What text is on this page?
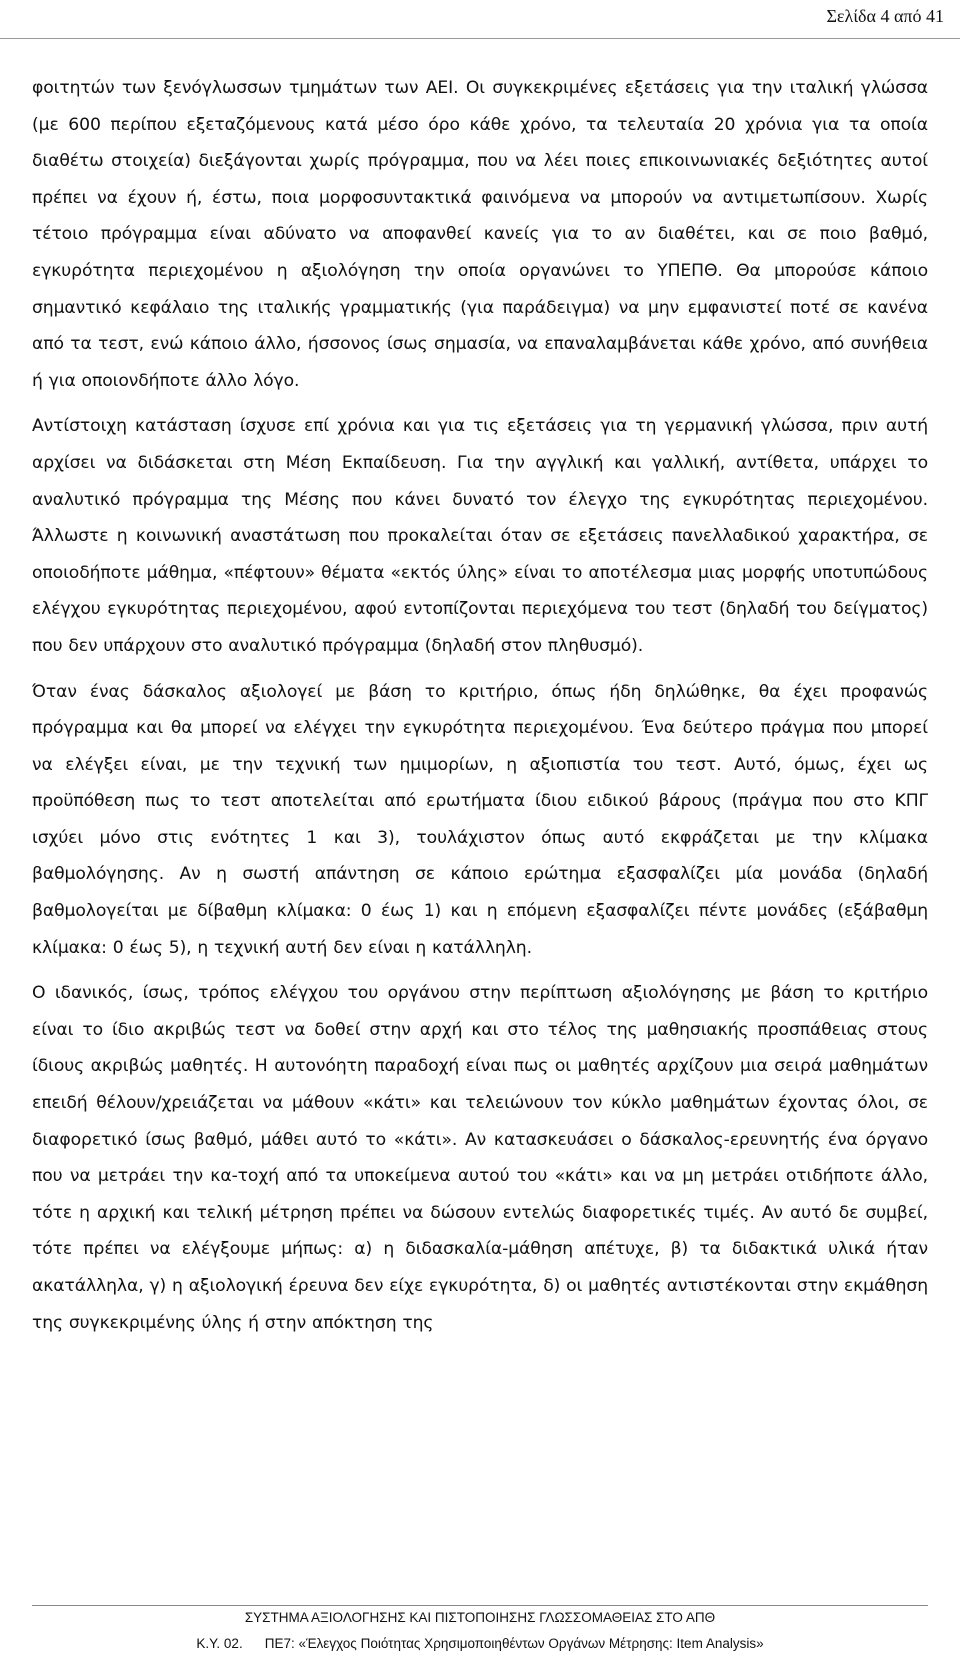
Σελίδα 4 από 41

φοιτητών των ξενόγλωσσων τμημάτων των ΑΕΙ. Οι συγκεκριμένες εξετάσεις για την ιταλική γλώσσα (με 600 περίπου εξεταζόμενους κατά μέσο όρο κάθε χρόνο, τα τελευταία 20 χρόνια για τα οποία διαθέτω στοιχεία) διεξάγονται χωρίς πρόγραμμα, που να λέει ποιες επικοινωνιακές δεξιότητες αυτοί πρέπει να έχουν ή, έστω, ποια μορφοσυντακτικά φαινόμενα να μπορούν να αντιμετωπίσουν. Χωρίς τέτοιο πρόγραμμα είναι αδύνατο να αποφανθεί κανείς για το αν διαθέτει, και σε ποιο βαθμό, εγκυρότητα περιεχομένου η αξιολόγηση την οποία οργανώνει το ΥΠΕΠΘ. Θα μπορούσε κάποιο σημαντικό κεφάλαιο της ιταλικής γραμματικής (για παράδειγμα) να μην εμφανιστεί ποτέ σε κανένα από τα τεστ, ενώ κάποιο άλλο, ήσσονος ίσως σημασία, να επαναλαμβάνεται κάθε χρόνο, από συνήθεια ή για οποιονδήποτε άλλο λόγο.

Αντίστοιχη κατάσταση ίσχυσε επί χρόνια και για τις εξετάσεις για τη γερμανική γλώσσα, πριν αυτή αρχίσει να διδάσκεται στη Μέση Εκπαίδευση. Για την αγγλική και γαλλική, αντίθετα, υπάρχει το αναλυτικό πρόγραμμα της Μέσης που κάνει δυνατό τον έλεγχο της εγκυρότητας περιεχομένου. Άλλωστε η κοινωνική αναστάτωση που προκαλείται όταν σε εξετάσεις πανελλαδικού χαρακτήρα, σε οποιοδήποτε μάθημα, «πέφτουν» θέματα «εκτός ύλης» είναι το αποτέλεσμα μιας μορφής υποτυπώδους ελέγχου εγκυρότητας περιεχομένου, αφού εντοπίζονται περιεχόμενα του τεστ (δηλαδή του δείγματος) που δεν υπάρχουν στο αναλυτικό πρόγραμμα (δηλαδή στον πληθυσμό).

Όταν ένας δάσκαλος αξιολογεί με βάση το κριτήριο, όπως ήδη δηλώθηκε, θα έχει προφανώς πρόγραμμα και θα μπορεί να ελέγχει την εγκυρότητα περιεχομένου. Ένα δεύτερο πράγμα που μπορεί να ελέγξει είναι, με την τεχνική των ημιμορίων, η αξιοπιστία του τεστ. Αυτό, όμως, έχει ως προϋπόθεση πως το τεστ αποτελείται από ερωτήματα ίδιου ειδικού βάρους (πράγμα που στο ΚΠΓ ισχύει μόνο στις ενότητες 1 και 3), τουλάχιστον όπως αυτό εκφράζεται με την κλίμακα βαθμολόγησης. Αν η σωστή απάντηση σε κάποιο ερώτημα εξασφαλίζει μία μονάδα (δηλαδή βαθμολογείται με δίβαθμη κλίμακα: 0 έως 1) και η επόμενη εξασφαλίζει πέντε μονάδες (εξάβαθμη κλίμακα: 0 έως 5), η τεχνική αυτή δεν είναι η κατάλληλη.

Ο ιδανικός, ίσως, τρόπος ελέγχου του οργάνου στην περίπτωση αξιολόγησης με βάση το κριτήριο είναι το ίδιο ακριβώς τεστ να δοθεί στην αρχή και στο τέλος της μαθησιακής προσπάθειας στους ίδιους ακριβώς μαθητές. Η αυτονόητη παραδοχή είναι πως οι μαθητές αρχίζουν μια σειρά μαθημάτων επειδή θέλουν/χρειάζεται να μάθουν «κάτι» και τελειώνουν τον κύκλο μαθημάτων έχοντας όλοι, σε διαφορετικό ίσως βαθμό, μάθει αυτό το «κάτι». Αν κατασκευάσει ο δάσκαλος-ερευνητής ένα όργανο που να μετράει την κα-τοχή από τα υποκείμενα αυτού του «κάτι» και να μη μετράει οτιδήποτε άλλο, τότε η αρχική και τελική μέτρηση πρέπει να δώσουν εντελώς διαφορετικές τιμές. Αν αυτό δε συμβεί, τότε πρέπει να ελέγξουμε μήπως: α) η διδασκαλία-μάθηση απέτυχε, β) τα διδακτικά υλικά ήταν ακατάλληλα, γ) η αξιολογική έρευνα δεν είχε εγκυρότητα, δ) οι μαθητές αντιστέκονται στην εκμάθηση της συγκεκριμένης ύλης ή στην απόκτηση της

ΣΥΣΤΗΜΑ ΑΞΙΟΛΟΓΗΣΗΣ ΚΑΙ ΠΙΣΤΟΠΟΙΗΣΗΣ ΓΛΩΣΣΟΜΑΘΕΙΑΣ ΣΤΟ ΑΠΘ
Κ.Υ. 02. ΠΕ7: «Έλεγχος Ποιότητας Χρησιμοποιηθέντων Οργάνων Μέτρησης: Item Analysis»
